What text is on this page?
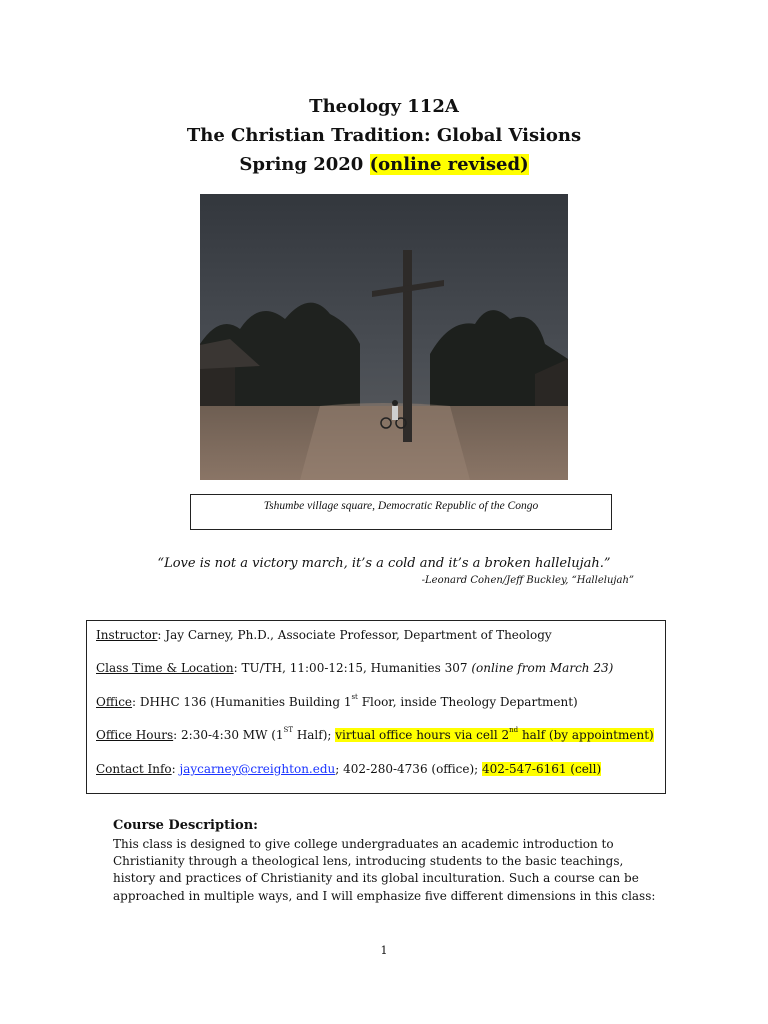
Theology 112A
The Christian Tradition: Global Visions
Spring 2020 (online revised)
Tshumbe village square, Democratic Republic of the Congo
“Love is not a victory march, it’s a cold and it’s a broken hallelujah.”
-Leonard Cohen/Jeff Buckley, “Hallelujah”
Instructor: Jay Carney, Ph.D., Associate Professor, Department of Theology
Class Time & Location: TU/TH, 11:00-12:15, Humanities 307 (online from March 23)
Office: DHHC 136 (Humanities Building 1st Floor, inside Theology Department)
Office Hours: 2:30-4:30 MW (1ST Half); virtual office hours via cell 2nd half (by appointment)
Contact Info: jaycarney@creighton.edu; 402-280-4736 (office); 402-547-6161 (cell)
Course Description:
This class is designed to give college undergraduates an academic introduction to Christianity through a theological lens, introducing students to the basic teachings, history and practices of Christianity and its global inculturation. Such a course can be approached in multiple ways, and I will emphasize five different dimensions in this class:
1
